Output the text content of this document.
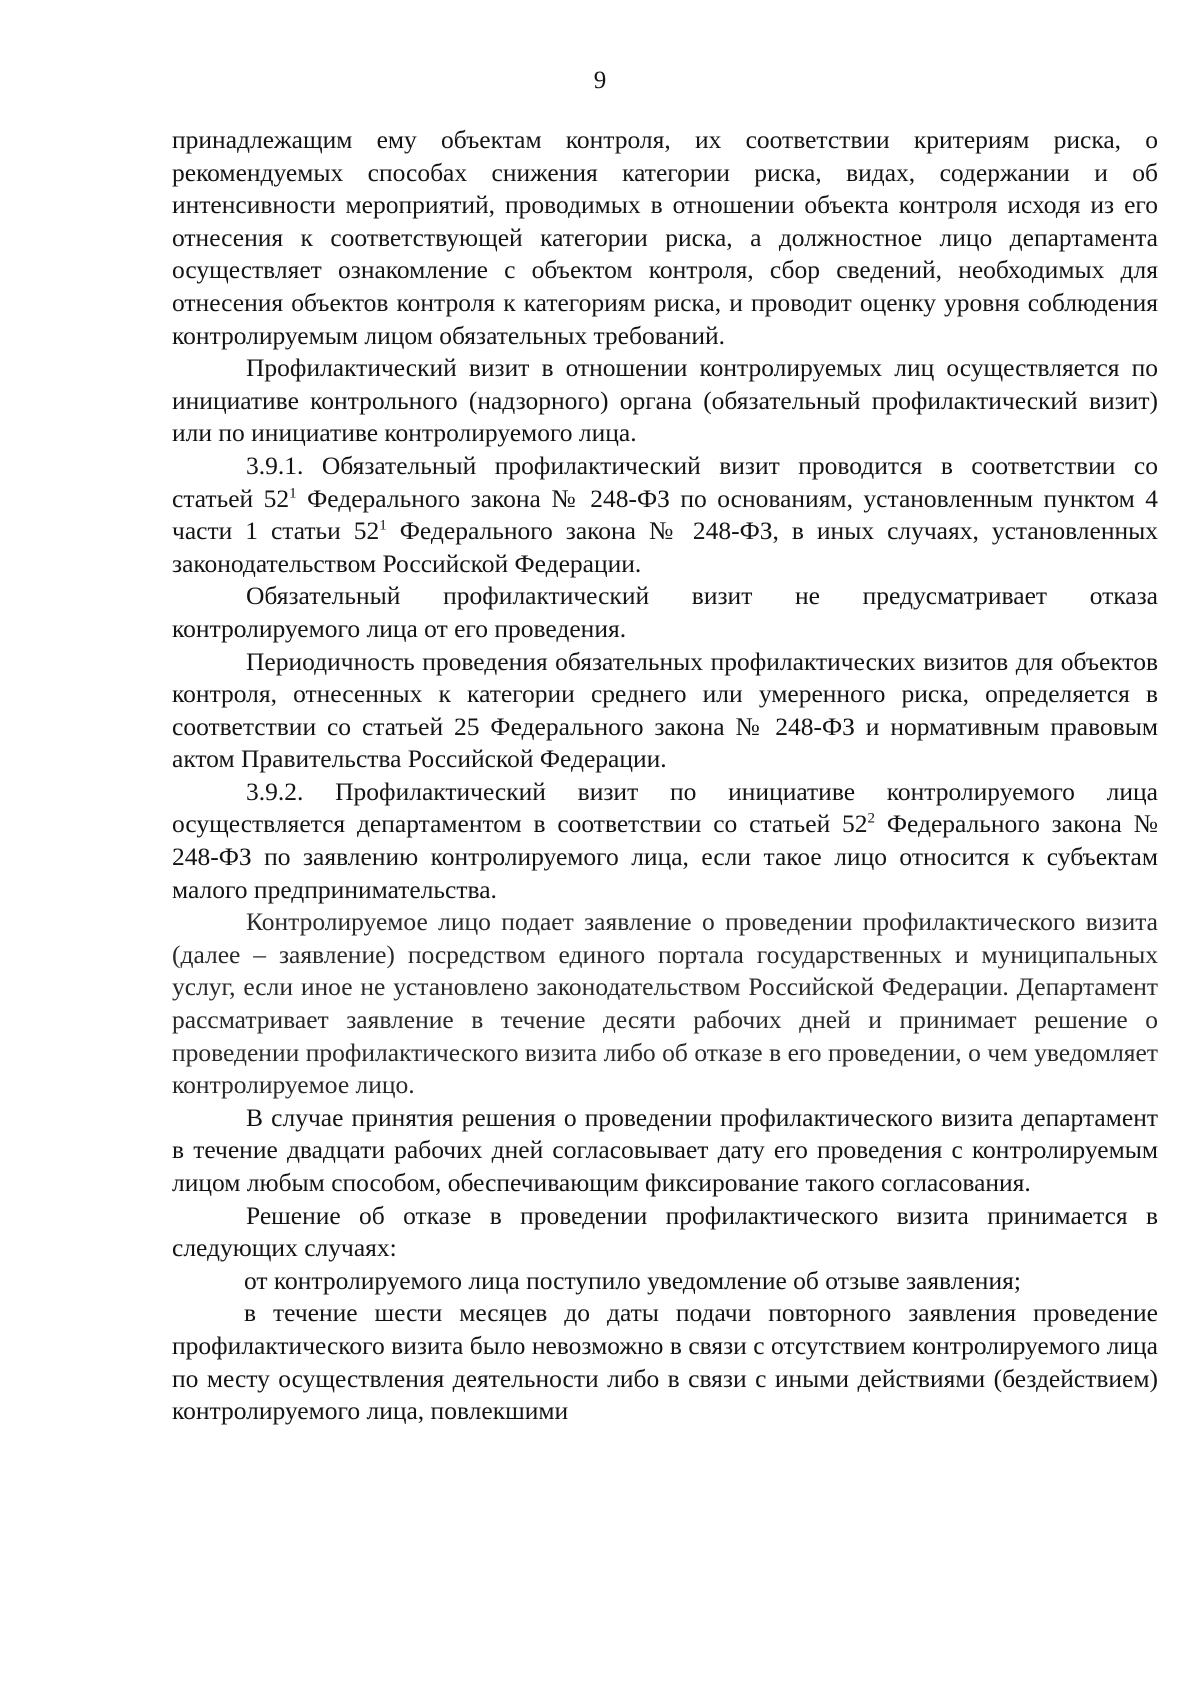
9

принадлежащим ему объектам контроля, их соответствии критериям риска, о рекомендуемых способах снижения категории риска, видах, содержании и об интенсивности мероприятий, проводимых в отношении объекта контроля исходя из его отнесения к соответствующей категории риска, а должностное лицо департамента осуществляет ознакомление с объектом контроля, сбор сведений, необходимых для отнесения объектов контроля к категориям риска, и проводит оценку уровня соблюдения контролируемым лицом обязательных требований.

Профилактический визит в отношении контролируемых лиц осуществляется по инициативе контрольного (надзорного) органа (обязательный профилактический визит) или по инициативе контролируемого лица.

3.9.1. Обязательный профилактический визит проводится в соответствии со статьей $52^1$ Федерального закона № 248-ФЗ по основаниям, установленным пунктом 4 части 1 статьи $52^1$ Федерального закона № 248-ФЗ, в иных случаях, установленных законодательством Российской Федерации.

Обязательный профилактический визит не предусматривает отказа контролируемого лица от его проведения.

Периодичность проведения обязательных профилактических визитов для объектов контроля, отнесенных к категории среднего или умеренного риска, определяется в соответствии со статьей 25 Федерального закона № 248-ФЗ и нормативным правовым актом Правительства Российской Федерации.

3.9.2. Профилактический визит по инициативе контролируемого лица осуществляется департаментом в соответствии со статьей $52^2$ Федерального закона № 248-ФЗ по заявлению контролируемого лица, если такое лицо относится к субъектам малого предпринимательства.

Контролируемое лицо подает заявление о проведении профилактического визита (далее – заявление) посредством единого портала государственных и муниципальных услуг, если иное не установлено законодательством Российской Федерации. Департамент рассматривает заявление в течение десяти рабочих дней и принимает решение о проведении профилактического визита либо об отказе в его проведении, о чем уведомляет контролируемое лицо.

В случае принятия решения о проведении профилактического визита департамент в течение двадцати рабочих дней согласовывает дату его проведения с контролируемым лицом любым способом, обеспечивающим фиксирование такого согласования.

Решение об отказе в проведении профилактического визита принимается в следующих случаях:

от контролируемого лица поступило уведомление об отзыве заявления;

в течение шести месяцев до даты подачи повторного заявления проведение профилактического визита было невозможно в связи с отсутствием контролируемого лица по месту осуществления деятельности либо в связи с иными действиями (бездействием) контролируемого лица, повлекшими
